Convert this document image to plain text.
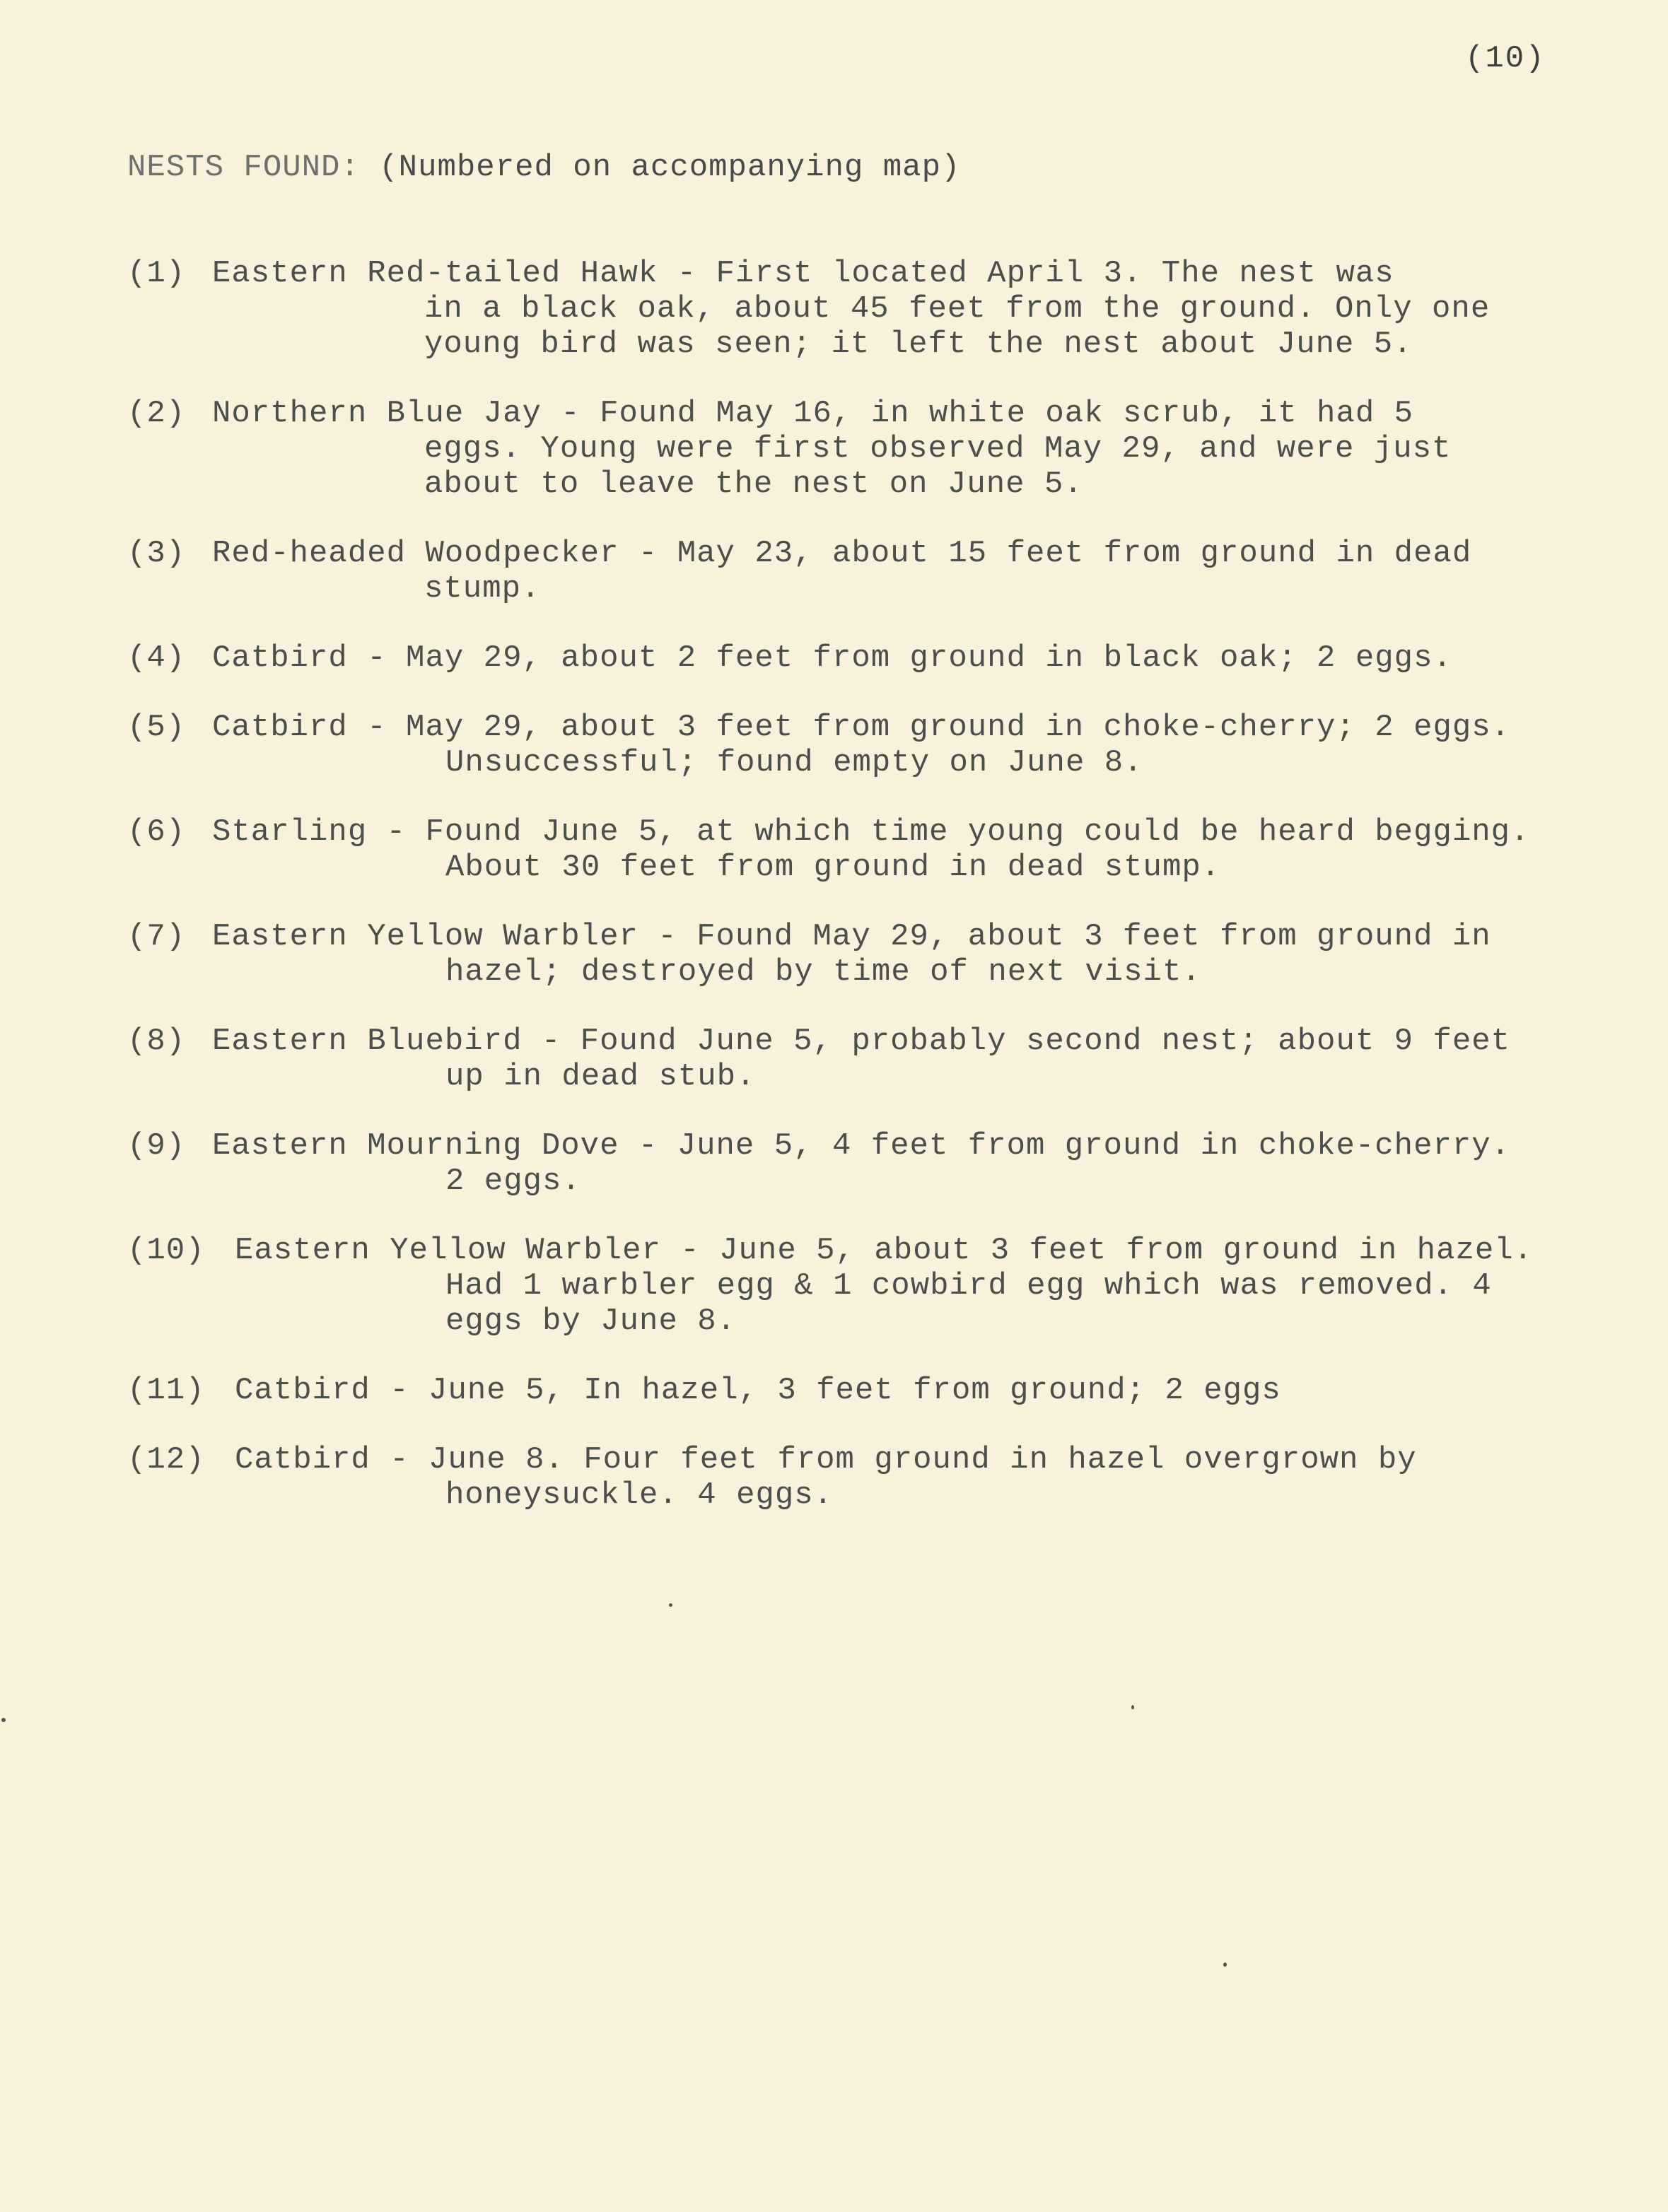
(10)
NESTS FOUND: (Numbered on accompanying map)
(1) Eastern Red-tailed Hawk - First located April 3. The nest was
in a black oak, about 45 feet from the ground. Only one
young bird was seen; it left the nest about June 5.
(2) Northern Blue Jay - Found May 16, in white oak scrub, it had 5
eggs. Young were first observed May 29, and were just
about to leave the nest on June 5.
(3) Red-headed Woodpecker - May 23, about 15 feet from ground in dead
stump.
(4) Catbird - May 29, about 2 feet from ground in black oak; 2 eggs.
(5) Catbird - May 29, about 3 feet from ground in choke-cherry; 2 eggs.
Unsuccessful; found empty on June 8.
(6) Starling - Found June 5, at which time young could be heard begging.
About 30 feet from ground in dead stump.
(7) Eastern Yellow Warbler - Found May 29, about 3 feet from ground in
hazel; destroyed by time of next visit.
(8) Eastern Bluebird - Found June 5, probably second nest; about 9 feet
up in dead stub.
(9) Eastern Mourning Dove - June 5, 4 feet from ground in choke-cherry.
2 eggs.
(10) Eastern Yellow Warbler - June 5, about 3 feet from ground in hazel.
Had 1 warbler egg & 1 cowbird egg which was removed. 4
eggs by June 8.
(11) Catbird - June 5, In hazel, 3 feet from ground; 2 eggs
(12) Catbird - June 8. Four feet from ground in hazel overgrown by
honeysuckle. 4 eggs.
